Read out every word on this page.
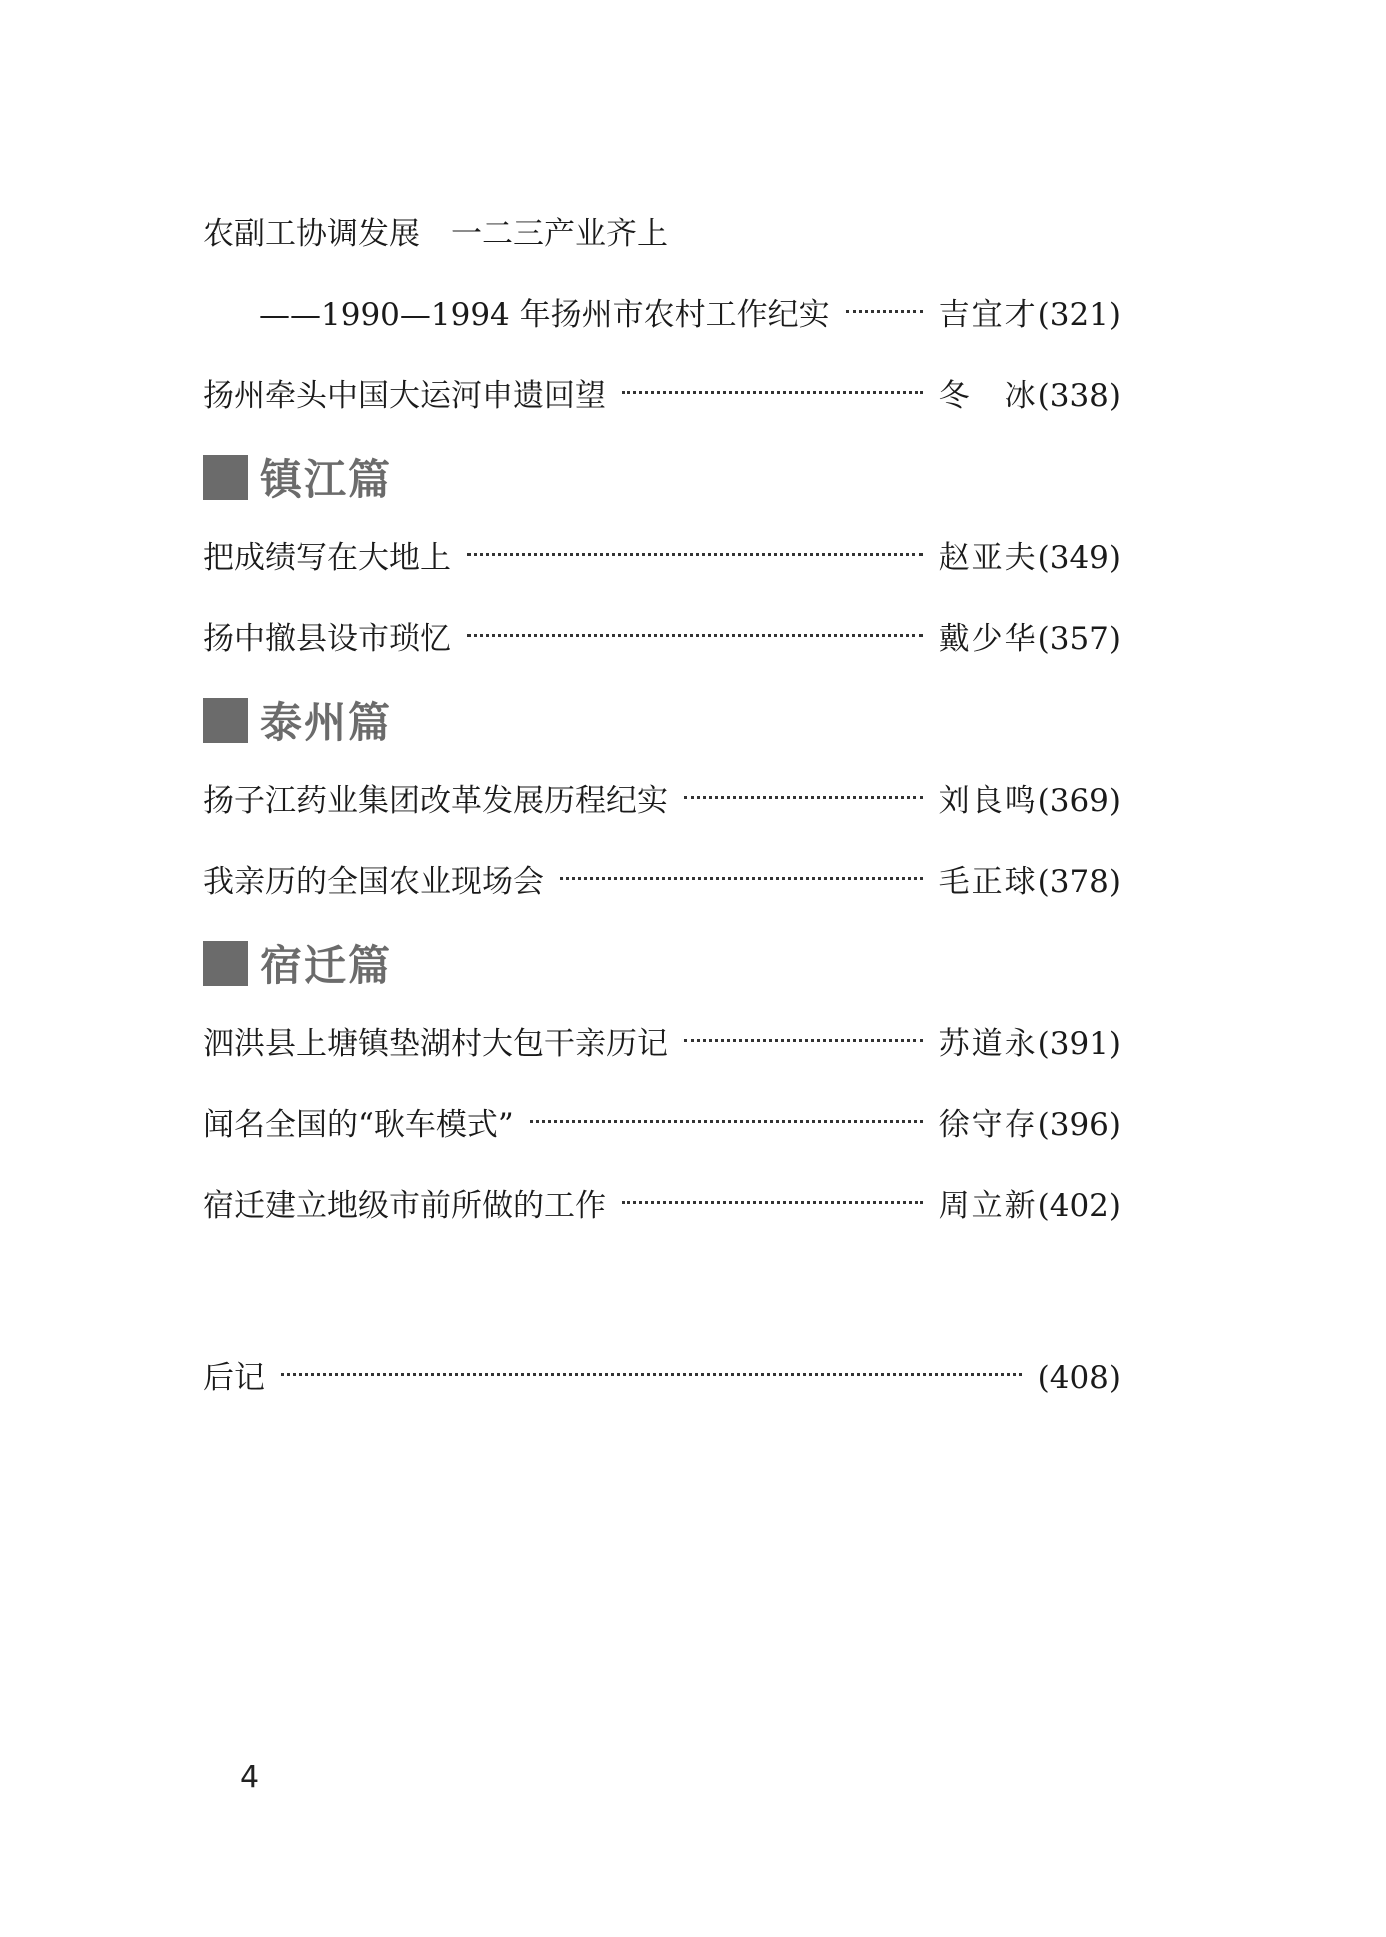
农副工协调发展　一二三产业齐上
——1990—1994 年扬州市农村工作纪实	吉宜才 (321)
扬州牵头中国大运河申遗回望	冬　冰 (338)
镇江篇
把成绩写在大地上	赵亚夫 (349)
扬中撤县设市琐忆	戴少华 (357)
泰州篇
扬子江药业集团改革发展历程纪实	刘良鸣 (369)
我亲历的全国农业现场会	毛正球 (378)
宿迁篇
泗洪县上塘镇垫湖村大包干亲历记	苏道永 (391)
闻名全国的“耿车模式”	徐守存 (396)
宿迁建立地级市前所做的工作	周立新 (402)
后记	(408)
4
